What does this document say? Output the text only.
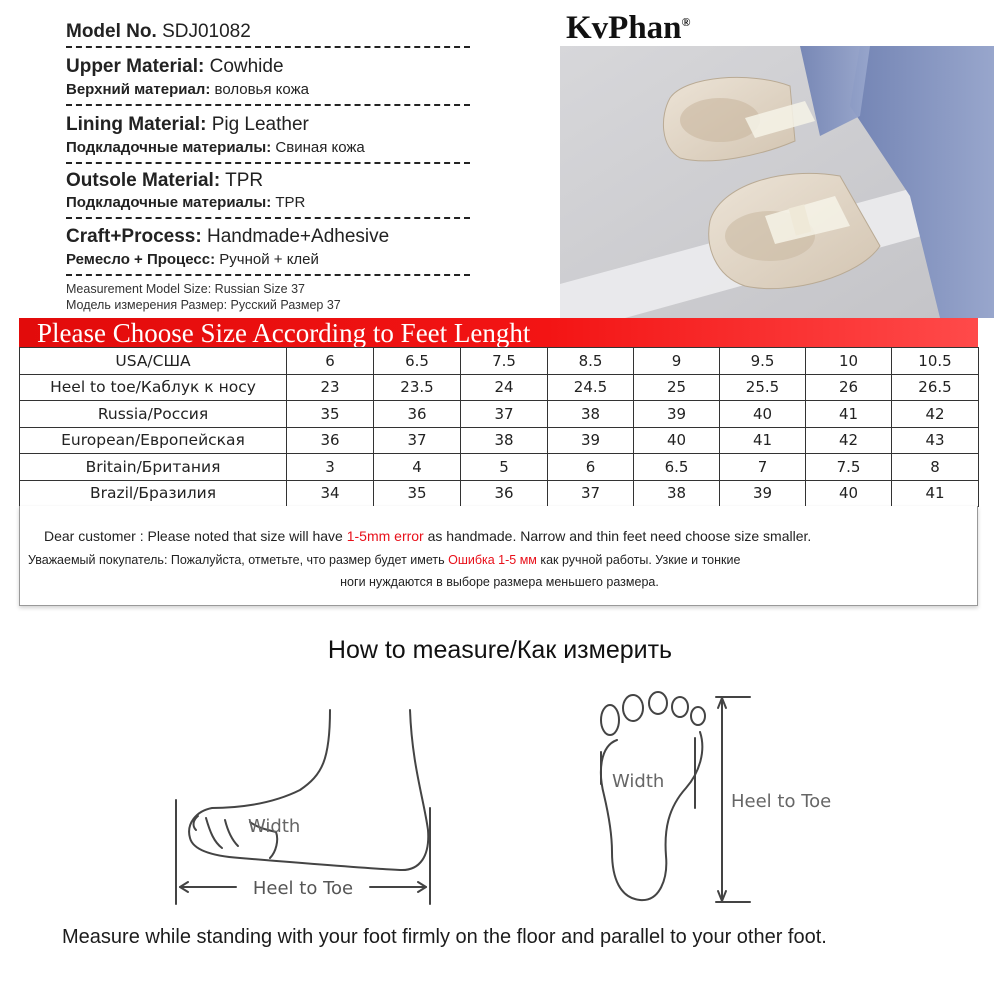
Model No. SDJ01082
Upper Material: Cowhide
Верхний материал: воловья кожа
Lining Material: Pig Leather
Подкладочные материалы: Свиная кожа
Outsole Material: TPR
Подкладочные материалы: TPR
Craft+Process: Handmade+Adhesive
Ремесло + Процесс: Ручной + клей
Measurement Model Size: Russian Size 37
Модель измерения Размер: Русский Размер 37
KvPhan®
Please Choose Size According to Feet Lenght
USA/СШA	6	6.5	7.5	8.5	9	9.5	10	10.5
Heel to toe/Каблук к носу	23	23.5	24	24.5	25	25.5	26	26.5
Russia/Россия	35	36	37	38	39	40	41	42
European/Европейская	36	37	38	39	40	41	42	43
Britain/Британия	3	4	5	6	6.5	7	7.5	8
Brazil/Бразилия	34	35	36	37	38	39	40	41
Dear customer : Please noted that size will have 1-5mm error as handmade. Narrow and thin feet need choose size smaller.
Уважаемый покупатель: Пожалуйста, отметьте, что размер будет иметь Ошибка 1-5 мм как ручной работы. Узкие и тонкие
ноги нуждаются в выборе размера меньшего размера.
How to measure/Как измерить
Width
Heel to Toe
Width
Heel to Toe
Measure while standing with your foot firmly on the floor and parallel to your other foot.
